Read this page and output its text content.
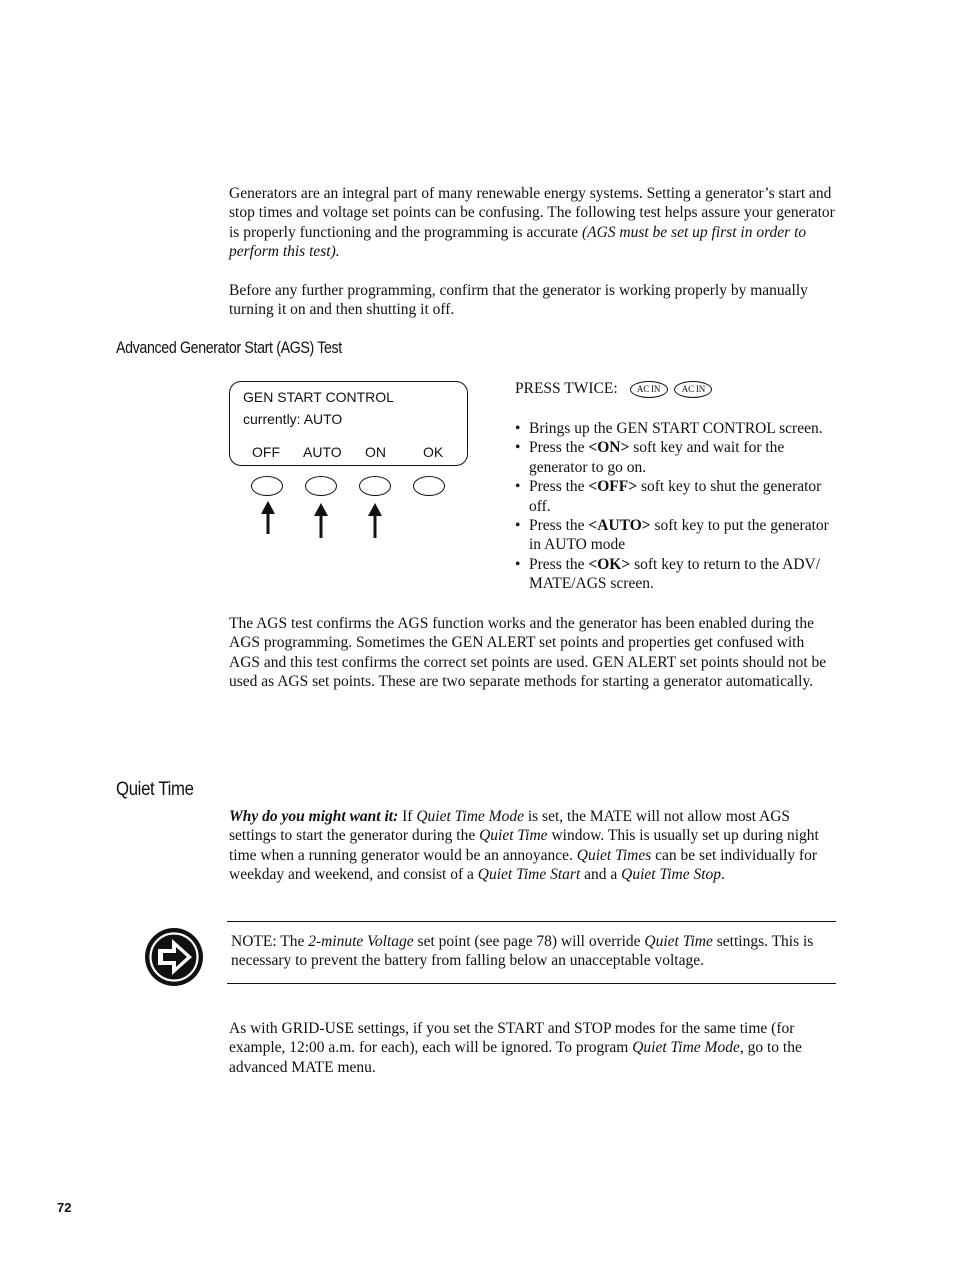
Generators are an integral part of many renewable energy systems. Setting a generator’s start and stop times and voltage set points can be confusing. The following test helps assure your generator is properly functioning and the programming is accurate (AGS must be set up first in order to perform this test).

Before any further programming, confirm that the generator is working properly by manually turning it on and then shutting it off.

Advanced Generator Start (AGS) Test
GEN START CONTROL
currently: AUTO
OFF AUTO ON	OK
PRESS TWICE: AC IN AC IN
• Brings up the GEN START CONTROL screen.
• Press the <ON> soft key and wait for the generator to go on.
• Press the <OFF> soft key to shut the generator off.
• Press the <AUTO> soft key to put the generator in AUTO mode
• Press the <OK> soft key to return to the ADV/ MATE/AGS screen.

The AGS test confirms the AGS function works and the generator has been enabled during the AGS programming. Sometimes the GEN ALERT set points and properties get confused with AGS and this test confirms the correct set points are used. GEN ALERT set points should not be used as AGS set points. These are two separate methods for starting a generator automatically.

Quiet Time

Why do you might want it: If Quiet Time Mode is set, the MATE will not allow most AGS settings to start the generator during the Quiet Time window. This is usually set up during night time when a running generator would be an annoyance. Quiet Times can be set individually for weekday and weekend, and consist of a Quiet Time Start and a Quiet Time Stop.

NOTE: The 2-minute Voltage set point (see page 78) will override Quiet Time settings. This is necessary to prevent the battery from falling below an unacceptable voltage.

As with GRID-USE settings, if you set the START and STOP modes for the same time (for example, 12:00 a.m. for each), each will be ignored. To program Quiet Time Mode, go to the advanced MATE menu.

72
